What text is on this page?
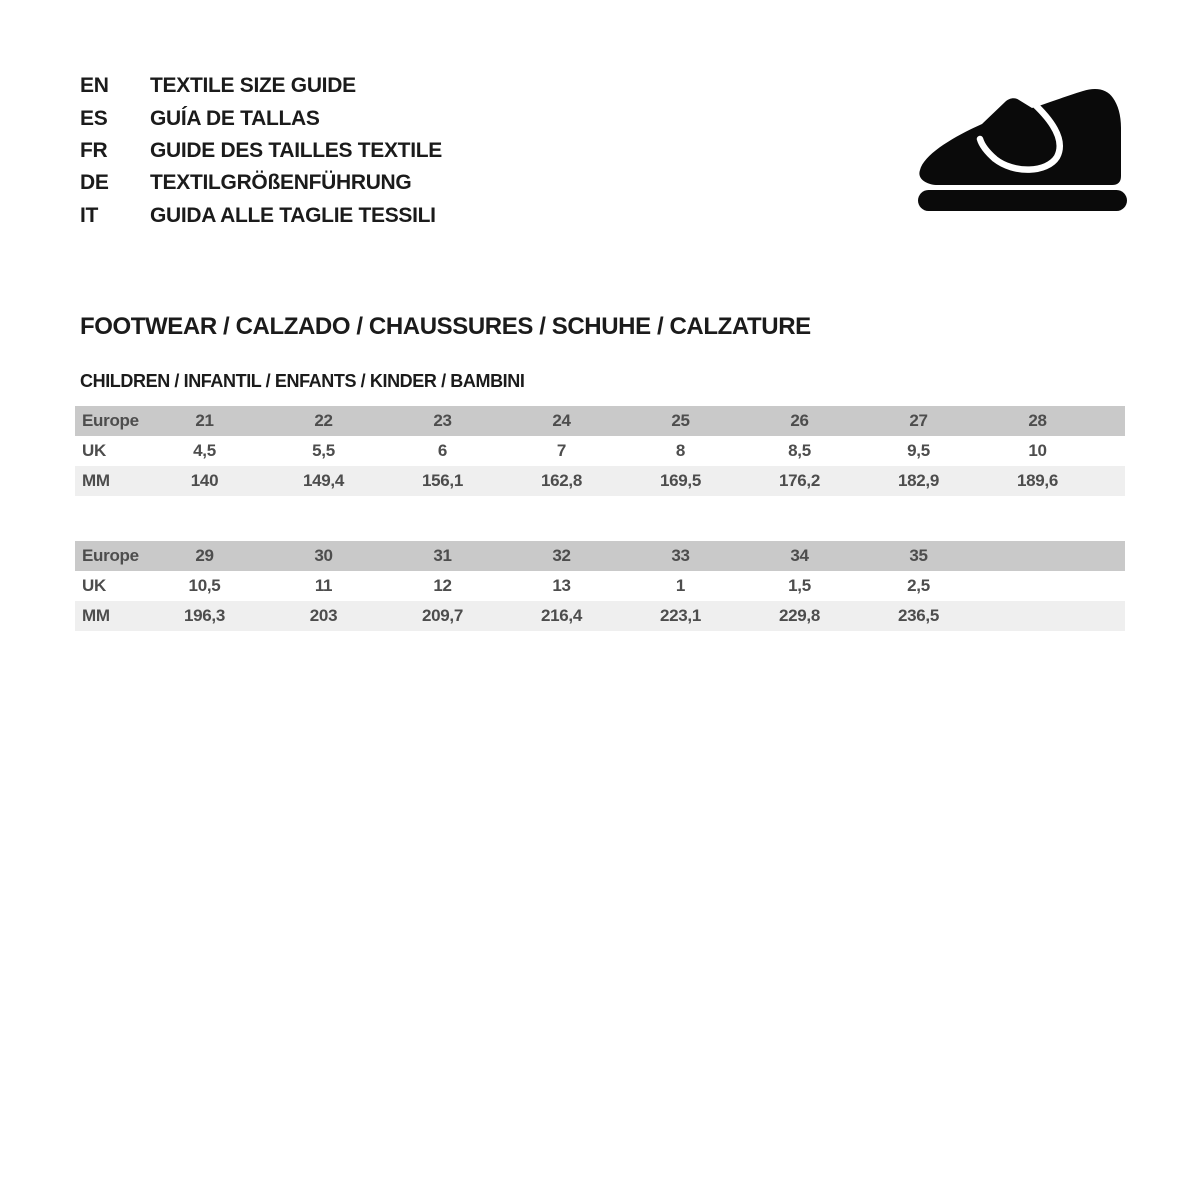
EN	TEXTILE SIZE GUIDE
ES	GUÍA DE TALLAS
FR	GUIDE DES TAILLES TEXTILE
DE	TEXTILGRÖßENFÜHRUNG
IT	GUIDA ALLE TAGLIE TESSILI
FOOTWEAR / CALZADO / CHAUSSURES / SCHUHE / CALZATURE
CHILDREN / INFANTIL / ENFANTS / KINDER / BAMBINI
Europe	21	22	23	24	25	26	27	28	
UK	4,5	5,5	6	7	8	8,5	9,5	10	
MM	140	149,4	156,1	162,8	169,5	176,2	182,9	189,6	
Europe	29	30	31	32	33	34	35		
UK	10,5	11	12	13	1	1,5	2,5		
MM	196,3	203	209,7	216,4	223,1	229,8	236,5		
